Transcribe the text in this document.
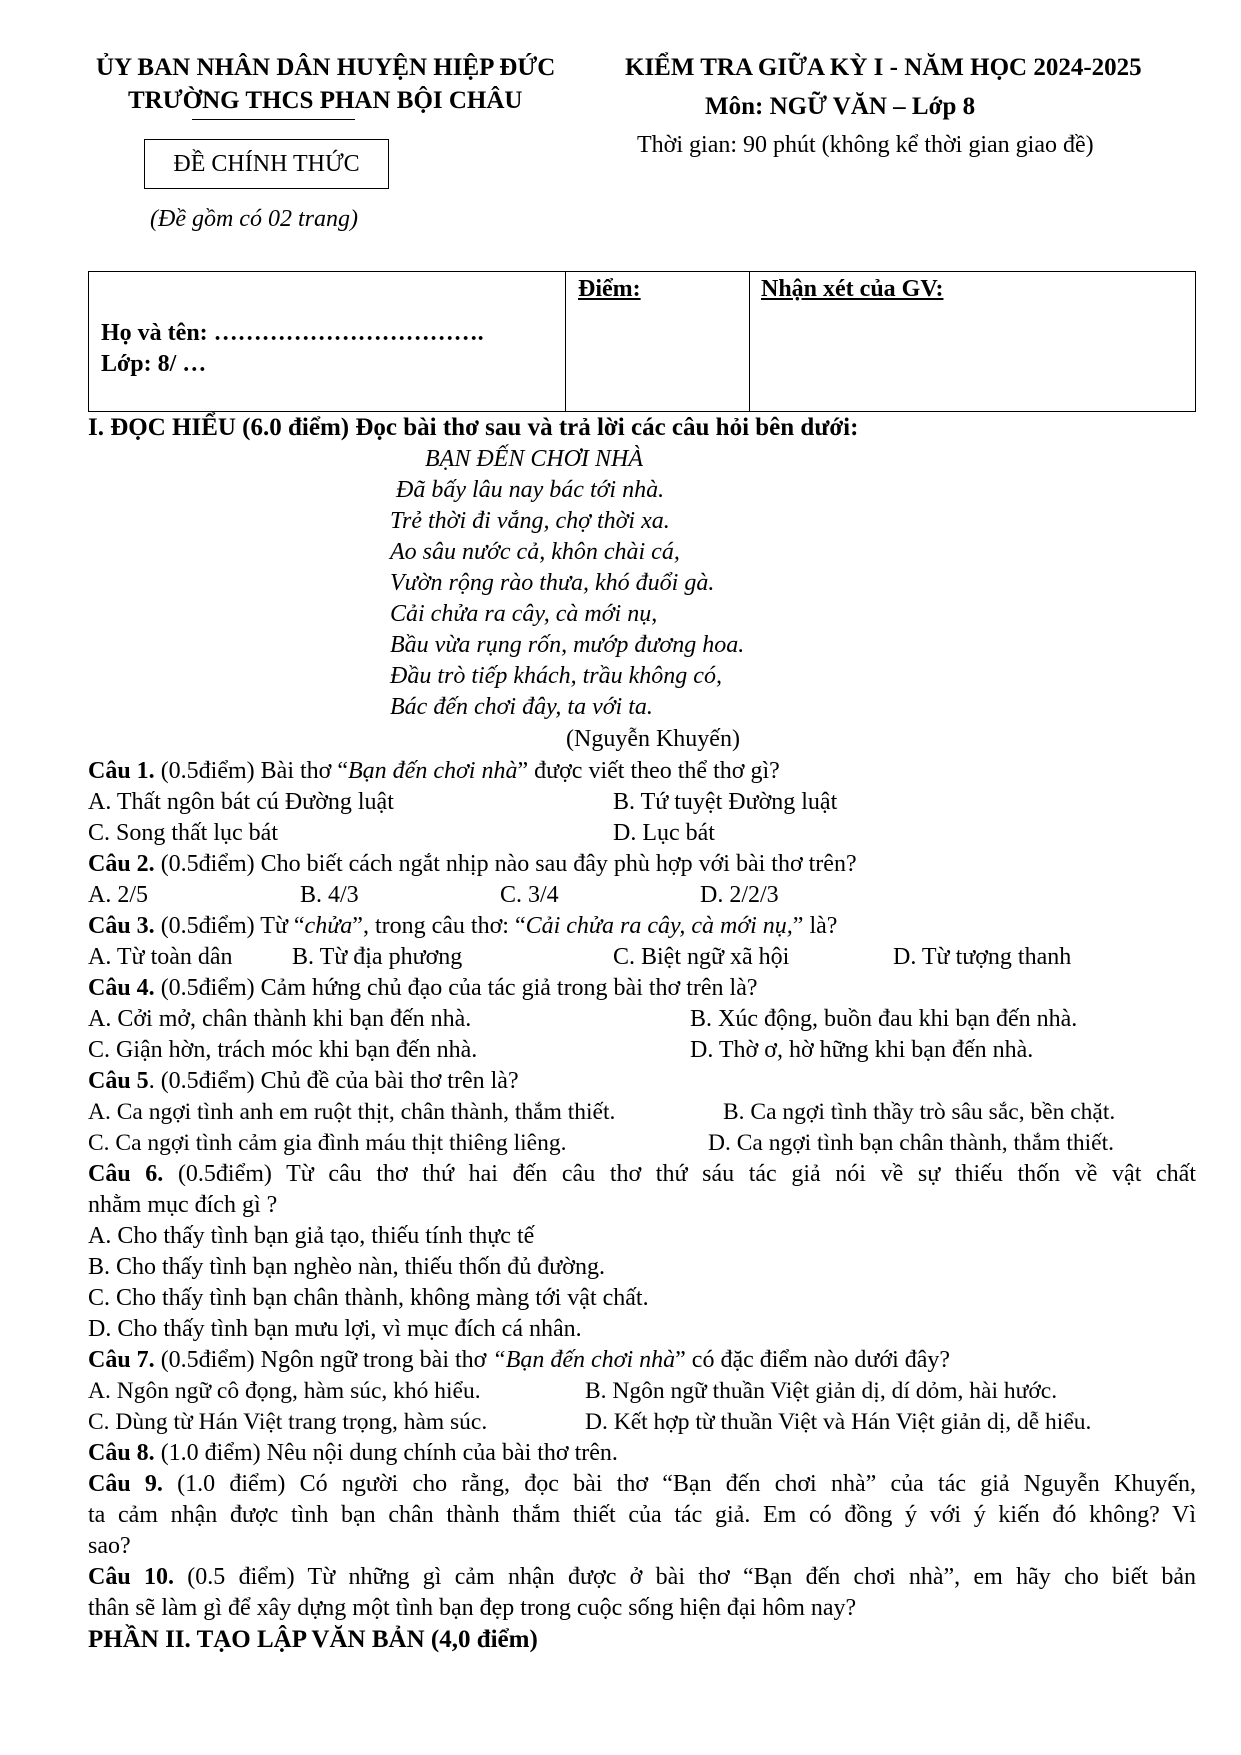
ỦY BAN NHÂN DÂN HUYỆN HIỆP ĐỨC
TRƯỜNG THCS PHAN BỘI CHÂU
ĐỀ CHÍNH THỨC
(Đề gồm có 02 trang)
KIỂM TRA GIỮA KỲ I - NĂM HỌC 2024-2025
Môn: NGỮ VĂN – Lớp 8
Thời gian: 90 phút (không kể thời gian giao đề)
Họ và tên: …………………………….
Lớp: 8/ …

Điểm:	Nhận xét của GV:
I. ĐỌC HIỂU (6.0 điểm) Đọc bài thơ sau và trả lời các câu hỏi bên dưới:
BẠN ĐẾN CHƠI NHÀ
Đã bấy lâu nay bác tới nhà.
Trẻ thời đi vắng, chợ thời xa.
Ao sâu nước cả, khôn chài cá,
Vườn rộng rào thưa, khó đuổi gà.
Cải chửa ra cây, cà mới nụ,
Bầu vừa rụng rốn, mướp đương hoa.
Đầu trò tiếp khách, trầu không có,
Bác đến chơi đây, ta với ta.
(Nguyễn Khuyến)
Câu 1. (0.5điểm) Bài thơ “Bạn đến chơi nhà” được viết theo thể thơ gì?
A. Thất ngôn bát cú Đường luật	B. Tứ tuyệt Đường luật
C. Song thất lục bát	D. Lục bát
Câu 2. (0.5điểm) Cho biết cách ngắt nhịp nào sau đây phù hợp với bài thơ trên?
A. 2/5	B. 4/3	C. 3/4	D. 2/2/3
Câu 3. (0.5điểm) Từ “chửa”, trong câu thơ: “Cải chửa ra cây, cà mới nụ,” là?
A. Từ toàn dân B. Từ địa phương	C. Biệt ngữ xã hội	D. Từ tượng thanh
Câu 4. (0.5điểm) Cảm hứng chủ đạo của tác giả trong bài thơ trên là?
A. Cởi mở, chân thành khi bạn đến nhà.	B. Xúc động, buồn đau khi bạn đến nhà.
C. Giận hờn, trách móc khi bạn đến nhà.	D. Thờ ơ, hờ hững khi bạn đến nhà.
Câu 5. (0.5điểm) Chủ đề của bài thơ trên là?
A. Ca ngợi tình anh em ruột thịt, chân thành, thắm thiết.	B. Ca ngợi tình thầy trò sâu sắc, bền chặt.
C. Ca ngợi tình cảm gia đình máu thịt thiêng liêng.	D. Ca ngợi tình bạn chân thành, thắm thiết.
Câu 6. (0.5điểm) Từ câu thơ thứ hai đến câu thơ thứ sáu tác giả nói về sự thiếu thốn về vật chất
nhằm mục đích gì ?
A. Cho thấy tình bạn giả tạo, thiếu tính thực tế
B. Cho thấy tình bạn nghèo nàn, thiếu thốn đủ đường.
C. Cho thấy tình bạn chân thành, không màng tới vật chất.
D. Cho thấy tình bạn mưu lợi, vì mục đích cá nhân.
Câu 7. (0.5điểm) Ngôn ngữ trong bài thơ “Bạn đến chơi nhà” có đặc điểm nào dưới đây?
A. Ngôn ngữ cô đọng, hàm súc, khó hiểu.	B. Ngôn ngữ thuần Việt giản dị, dí dỏm, hài hước.
C. Dùng từ Hán Việt trang trọng, hàm súc.	D. Kết hợp từ thuần Việt và Hán Việt giản dị, dễ hiểu.
Câu 8. (1.0 điểm) Nêu nội dung chính của bài thơ trên.
Câu 9. (1.0 điểm) Có người cho rằng, đọc bài thơ “Bạn đến chơi nhà” của tác giả Nguyễn Khuyến,
ta cảm nhận được tình bạn chân thành thắm thiết của tác giả. Em có đồng ý với ý kiến đó không? Vì
sao?
Câu 10. (0.5 điểm) Từ những gì cảm nhận được ở bài thơ “Bạn đến chơi nhà”, em hãy cho biết bản
thân sẽ làm gì để xây dựng một tình bạn đẹp trong cuộc sống hiện đại hôm nay?
PHẦN II. TẠO LẬP VĂN BẢN (4,0 điểm)
